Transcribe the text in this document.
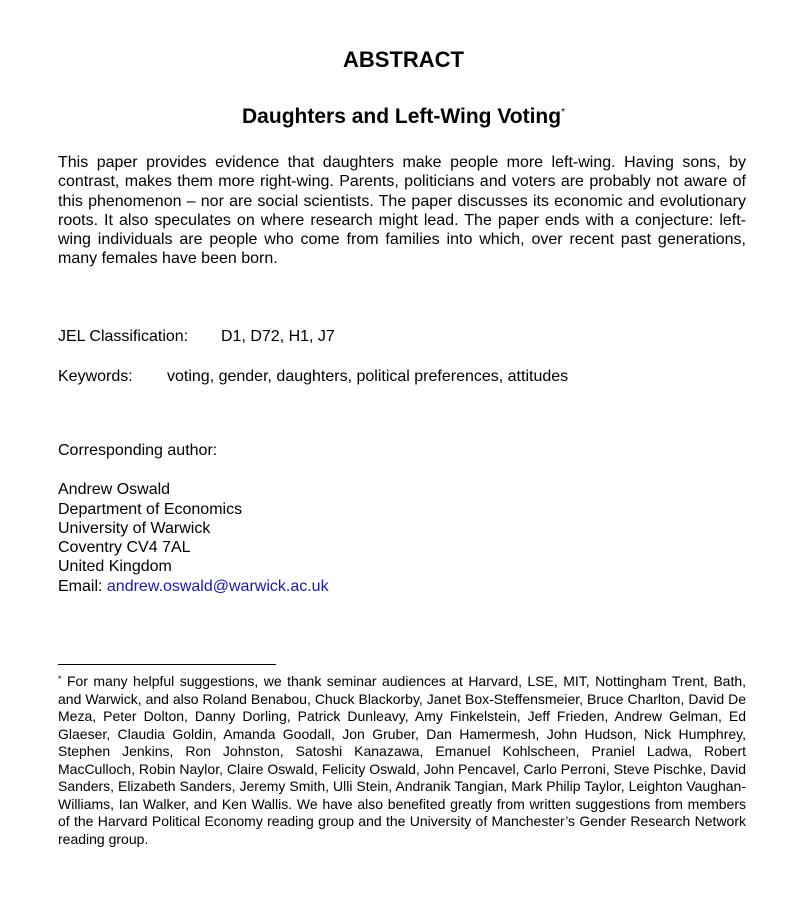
ABSTRACT
Daughters and Left-Wing Voting*

This paper provides evidence that daughters make people more left-wing. Having sons, by contrast, makes them more right-wing. Parents, politicians and voters are probably not aware of this phenomenon – nor are social scientists. The paper discusses its economic and evolutionary roots. It also speculates on where research might lead. The paper ends with a conjecture: left-wing individuals are people who come from families into which, over recent past generations, many females have been born.

JEL Classification: D1, D72, H1, J7
Keywords: voting, gender, daughters, political preferences, attitudes
Corresponding author:
Andrew Oswald
Department of Economics
University of Warwick
Coventry CV4 7AL
United Kingdom
Email: andrew.oswald@warwick.ac.uk

* For many helpful suggestions, we thank seminar audiences at Harvard, LSE, MIT, Nottingham Trent, Bath, and Warwick, and also Roland Benabou, Chuck Blackorby, Janet Box-Steffensmeier, Bruce Charlton, David De Meza, Peter Dolton, Danny Dorling, Patrick Dunleavy, Amy Finkelstein, Jeff Frieden, Andrew Gelman, Ed Glaeser, Claudia Goldin, Amanda Goodall, Jon Gruber, Dan Hamermesh, John Hudson, Nick Humphrey, Stephen Jenkins, Ron Johnston, Satoshi Kanazawa, Emanuel Kohlscheen, Praniel Ladwa, Robert MacCulloch, Robin Naylor, Claire Oswald, Felicity Oswald, John Pencavel, Carlo Perroni, Steve Pischke, David Sanders, Elizabeth Sanders, Jeremy Smith, Ulli Stein, Andranik Tangian, Mark Philip Taylor, Leighton Vaughan-Williams, Ian Walker, and Ken Wallis. We have also benefited greatly from written suggestions from members of the Harvard Political Economy reading group and the University of Manchester’s Gender Research Network reading group.
